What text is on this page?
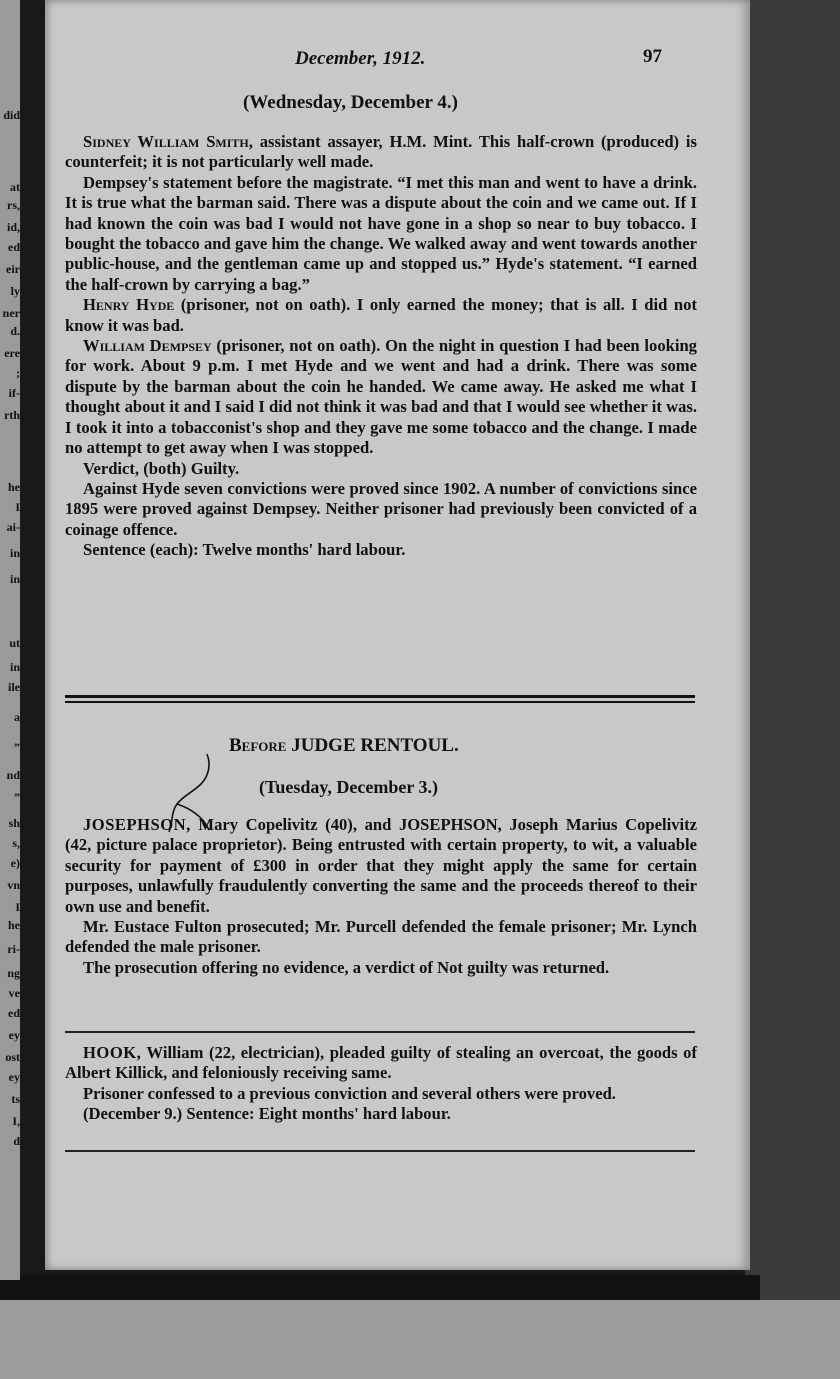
did
at
rs,
id,
ed
eir
ly
ner
d.
ere
;
if-
rth
he
I
ai-
in
in
ut
in
ile
a
”
nd
”
sh
s,
e)
vn
I
he
ri-
ng
ve
ed
ey
ost
ey
ts
I,
d
December, 1912.	97
(Wednesday, December 4.)

Sidney William Smith, assistant assayer, H.M. Mint. This half-crown (produced) is counterfeit; it is not particularly well made.

Dempsey's statement before the magistrate. “I met this man and went to have a drink. It is true what the barman said. There was a dispute about the coin and we came out. If I had known the coin was bad I would not have gone in a shop so near to buy tobacco. I bought the tobacco and gave him the change. We walked away and went towards another public-house, and the gentleman came up and stopped us.” Hyde's statement. “I earned the half-crown by carrying a bag.”

Henry Hyde (prisoner, not on oath). I only earned the money; that is all. I did not know it was bad.

William Dempsey (prisoner, not on oath). On the night in question I had been looking for work. About 9 p.m. I met Hyde and we went and had a drink. There was some dispute by the barman about the coin he handed. We came away. He asked me what I thought about it and I said I did not think it was bad and that I would see whether it was. I took it into a tobacconist's shop and they gave me some tobacco and the change. I made no attempt to get away when I was stopped.

Verdict, (both) Guilty.

Against Hyde seven convictions were proved since 1902. A number of convictions since 1895 were proved against Dempsey. Neither prisoner had previously been convicted of a coinage offence.

Sentence (each): Twelve months' hard labour.

Before JUDGE RENTOUL.
(Tuesday, December 3.)

JOSEPHSON, Mary Copelivitz (40), and JOSEPHSON, Joseph Marius Copelivitz (42, picture palace proprietor). Being entrusted with certain property, to wit, a valuable security for payment of £300 in order that they might apply the same for certain purposes, unlawfully fraudulently converting the same and the proceeds thereof to their own use and benefit.

Mr. Eustace Fulton prosecuted; Mr. Purcell defended the female prisoner; Mr. Lynch defended the male prisoner.

The prosecution offering no evidence, a verdict of Not guilty was returned.

HOOK, William (22, electrician), pleaded guilty of stealing an overcoat, the goods of Albert Killick, and feloniously receiving same.

Prisoner confessed to a previous conviction and several others were proved.

(December 9.) Sentence: Eight months' hard labour.
